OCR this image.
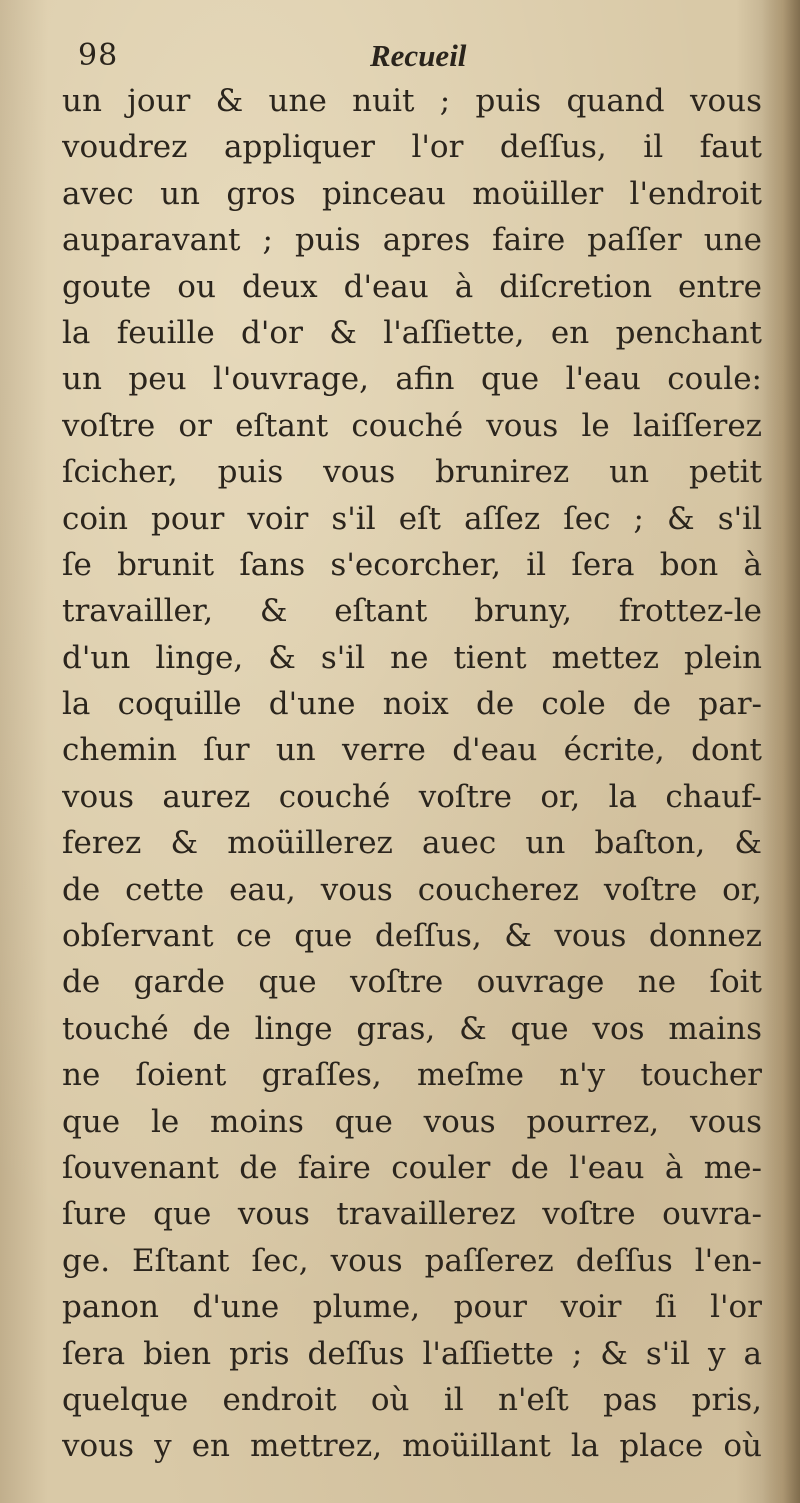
98	Recueil
un jour & une nuit ; puis quand vous
voudrez appliquer l'or deſſus, il faut
avec un gros pinceau moüiller l'endroit
auparavant ; puis apres faire paſſer une
goute ou deux d'eau à diſcretion entre
la feuille d'or & l'aſſiette, en penchant
un peu l'ouvrage, afin que l'eau coule:
voſtre or eſtant couché vous le laiſſerez
ſcicher, puis vous brunirez un petit
coin pour voir s'il eſt aſſez ſec ; & s'il
ſe brunit ſans s'ecorcher, il ſera bon à
travailler, & eſtant bruny, frottez-le
d'un linge, & s'il ne tient mettez plein
la coquille d'une noix de cole de par-
chemin ſur un verre d'eau écrite, dont
vous aurez couché voſtre or, la chauf-
ferez & moüillerez auec un baſton, &
de cette eau, vous coucherez voſtre or,
obſervant ce que deſſus, & vous donnez
de garde que voſtre ouvrage ne ſoit
touché de linge gras, & que vos mains
ne ſoient graſſes, meſme n'y toucher
que le moins que vous pourrez, vous
ſouvenant de faire couler de l'eau à me-
ſure que vous travaillerez voſtre ouvra-
ge. Eſtant ſec, vous paſſerez deſſus l'en-
panon d'une plume, pour voir ſi l'or
ſera bien pris deſſus l'aſſiette ; & s'il y a
quelque endroit où il n'eſt pas pris,
vous y en mettrez, moüillant la place où
